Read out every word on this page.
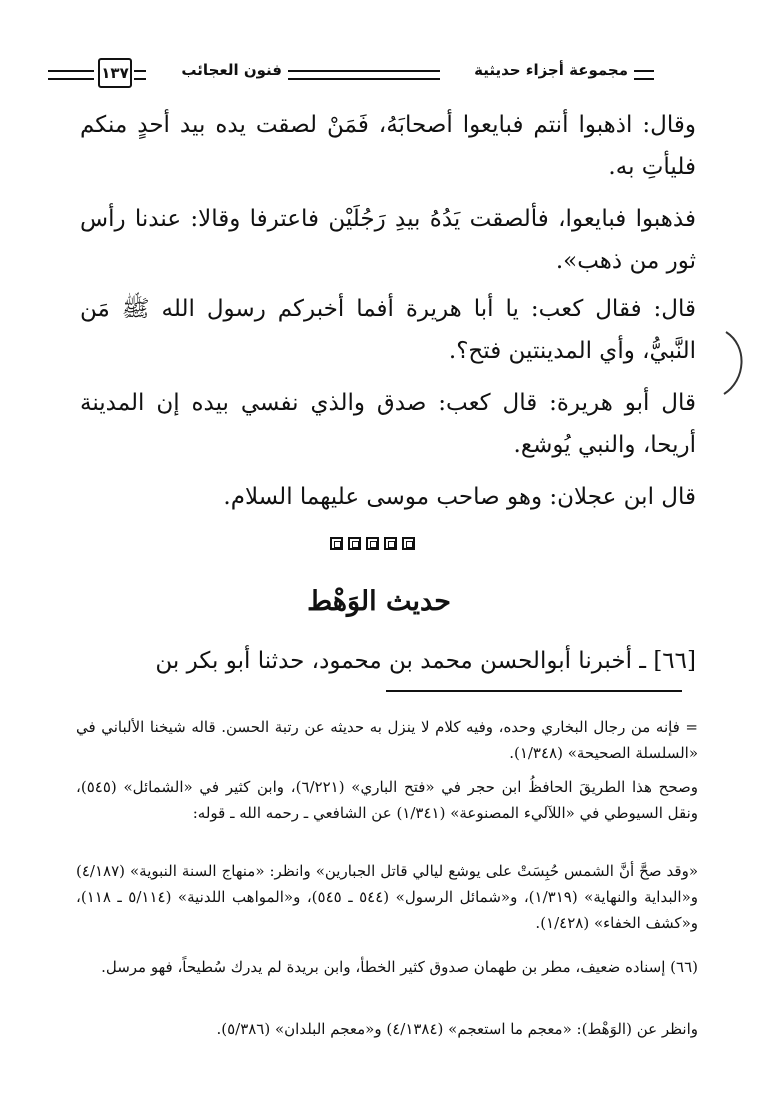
مجموعة أجزاء حديثية
فنون العجائب
١٣٧
وقال: اذهبوا أنتم فبايعوا أصحابَهُ، فَمَنْ لصقت يده بيد أحدٍ منكم فليأتِ به.
فذهبوا فبايعوا، فألصقت يَدُهُ بيدِ رَجُلَيْن فاعترفا وقالا: عندنا رأس ثور من ذهب».
قال: فقال كعب: يا أبا هريرة أفما أخبركم رسول الله ﷺ مَن النَّبيُّ، وأي المدينتين فتح؟.
قال أبو هريرة: قال كعب: صدق والذي نفسي بيده إن المدينة أريحا، والنبي يُوشع.
قال ابن عجلان: وهو صاحب موسى عليهما السلام.
حديث الوَهْط
[٦٦] ـ أخبرنا أبوالحسن محمد بن محمود، حدثنا أبو بكر بن
= فإنه من رجال البخاري وحده، وفيه كلام لا ينزل به حديثه عن رتبة الحسن. قاله شيخنا الألباني في «السلسلة الصحيحة» (١/٣٤٨).
وصحح هذا الطريقَ الحافظُ ابن حجر في «فتح الباري» (٦/٢٢١)، وابن كثير في «الشمائل» (٥٤٥)، ونقل السيوطي في «اللآليء المصنوعة» (١/٣٤١) عن الشافعي ـ رحمه الله ـ قوله:
«وقد صحَّ أنَّ الشمس حُبِسَتْ على يوشع ليالي قاتل الجبارين» وانظر: «منهاج السنة النبوية» (٤/١٨٧) و«البداية والنهاية» (١/٣١٩)، و«شمائل الرسول» (٥٤٤ ـ ٥٤٥)، و«المواهب اللدنية» (٥/١١٤ ـ ١١٨)، و«كشف الخفاء» (١/٤٢٨).
(٦٦) إسناده ضعيف، مطر بن طهمان صدوق كثير الخطأ، وابن بريدة لم يدرك سُطيحاً، فهو مرسل.
وانظر عن (الوَهْط): «معجم ما استعجم» (٤/١٣٨٤) و«معجم البلدان» (٥/٣٨٦).
